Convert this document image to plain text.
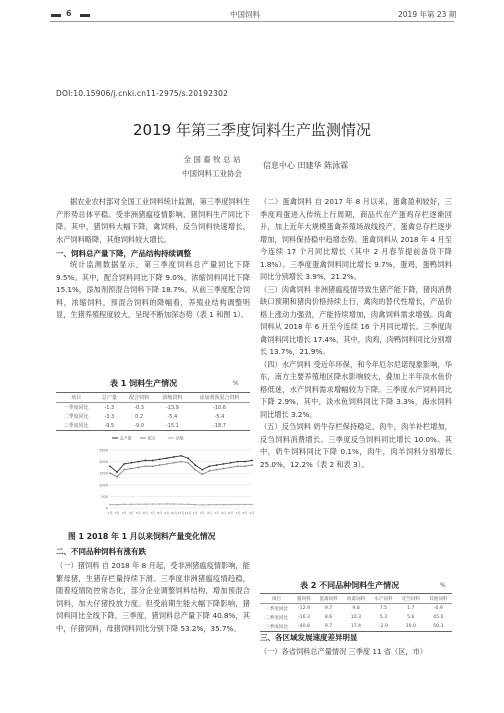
6	中国饲料	2019 年第 23 期
DOI:10.15906/j.cnki.cn11-2975/s.20192302
2019 年第三季度饲料生产监测情况
全 国 畜 牧 总 站
中国饲料工业协会
信息中心 田建华 陈泳霖
据农业农村部对全国工业饲料统计监测，第三季度饲料生产形势总体平稳。受非洲猪瘟疫情影响，猪饲料生产同比下降。其中，猪饲料大幅下降，禽饲料，反刍饲料快速增长，水产饲料略降，其他饲料较大增长。
一、饲料总产量下降，产品结构持续调整
统计监测数据显示，第三季度饲料总产量同比下降 9.5%。其中，配合饲料同比下降 9.0%，浓缩饲料同比下降 15.1%，添加剂预混合饲料下降 18.7%。从前三季度配合饲料，浓缩饲料，预混合饲料的降幅看，养殖业结构调整明显，生猪养殖程度较大，呈现不断加深态势（表 1 和图 1）。
表 1 饲料生产情况	%
项目	总产量	配合饲料	浓缩饲料	添加剂预混合饲料
一季度同比	-1.3	-0.3	-13.9	-10.6
二季度同比	-3.3	0.2	-5.4	-5.4
三季度同比	-9.5	-9.0	-15.1	-18.7
2500
2000
1500
1000
500
0
1月 2月 3月 4月 5月 6月 7月 8月 9月 10月 11月 12月 1月 2月 3月 4月 5月 6月 7月 8月 9月
总产量	配合	浓缩
图 1 2018 年 1 月以来饲料产量变化情况
二、不同品种饲料有涨有跌
（一）猪饲料 自 2018 年 8 月起，受非洲猪瘟疫情影响，能繁母猪，生猪存栏量持续下滑。三季度非洲猪瘟疫情趋稳，随着疫情防控常态化，部分企业调整饲料结构，增加预混合饲料，加大仔猪投放力度。但受前期生能大幅下降影响，猪饲料同比全线下降，三季度，猪饲料总产量下降 40.8%，其中，仔猪饲料，母猪饲料同比分别下降 53.2%，35.7%。
（二）蛋禽饲料 自 2017 年 8 月以来，蛋禽盈利较好，三季度鸡蛋进入传统上行周期，商品代在产蛋鸡存栏逐渐回升，加上近年大规模蛋禽养殖场战线投产，蛋禽总存栏逐步增加，饲料保持稳中趋增态势。蛋禽饲料从 2018 年 4 月至今连续 17 个月同比增长（其中 2 月春节提前备货下降 1.8%）。三季度蛋禽饲料同比增长 9.7%，蛋鸡，蛋鸭饲料同比分别增长 3.9%，21.2%。
（三）肉禽饲料 非洲猪瘟疫情导致生猪产能下降，猪肉消费缺口预期和猪肉价格持续上行，禽肉的替代性增长，产品价格上涨动力强劲，产能持续增加，肉禽饲料需求增强。肉禽饲料从 2018 年 6 月至今连续 16 个月同比增长。三季度肉禽饲料同比增长 17.4%，其中，肉鸡，肉鸭饲料同比分别增长 13.7%，21.9%。
（四）水产饲料 受近年环保，和今年厄尔尼诺现象影响，华东，南方主要养殖地区降水影响较大，叠加上半年淡水鱼价格低迷，水产饲料需求增幅较为下降。三季度水产饲料同比下降 2.9%，其中，淡水鱼饲料同比下降 3.3%，海水饲料同比增长 3.2%。
（五）反刍饲料 奶牛存栏保持稳定，肉牛，肉羊补栏增加，反刍饲料消费增长。三季度反刍饲料同比增长 10.0%。其中，奶牛饲料同比下降 0.1%，肉牛，肉羊饲料分别增长 25.0%，12.2%（表 2 和表 3）。
表 2 不同品种饲料生产情况	%
项目	猪饲料	蛋禽饲料	肉禽饲料	水产饲料	反刍饲料	其他饲料
一季度同比	-12.9	9.7	9.8	7.5	1.7	-0.9
二季度同比	-16.3	8.6	10.3	5.3	5.6	45.0
三季度同比	-40.8	9.7	17.4	-2.9	10.0	50.3
三、各区域发展速度差异明显
（一）各省饲料总产量情况 三季度 11 省（区，市）
